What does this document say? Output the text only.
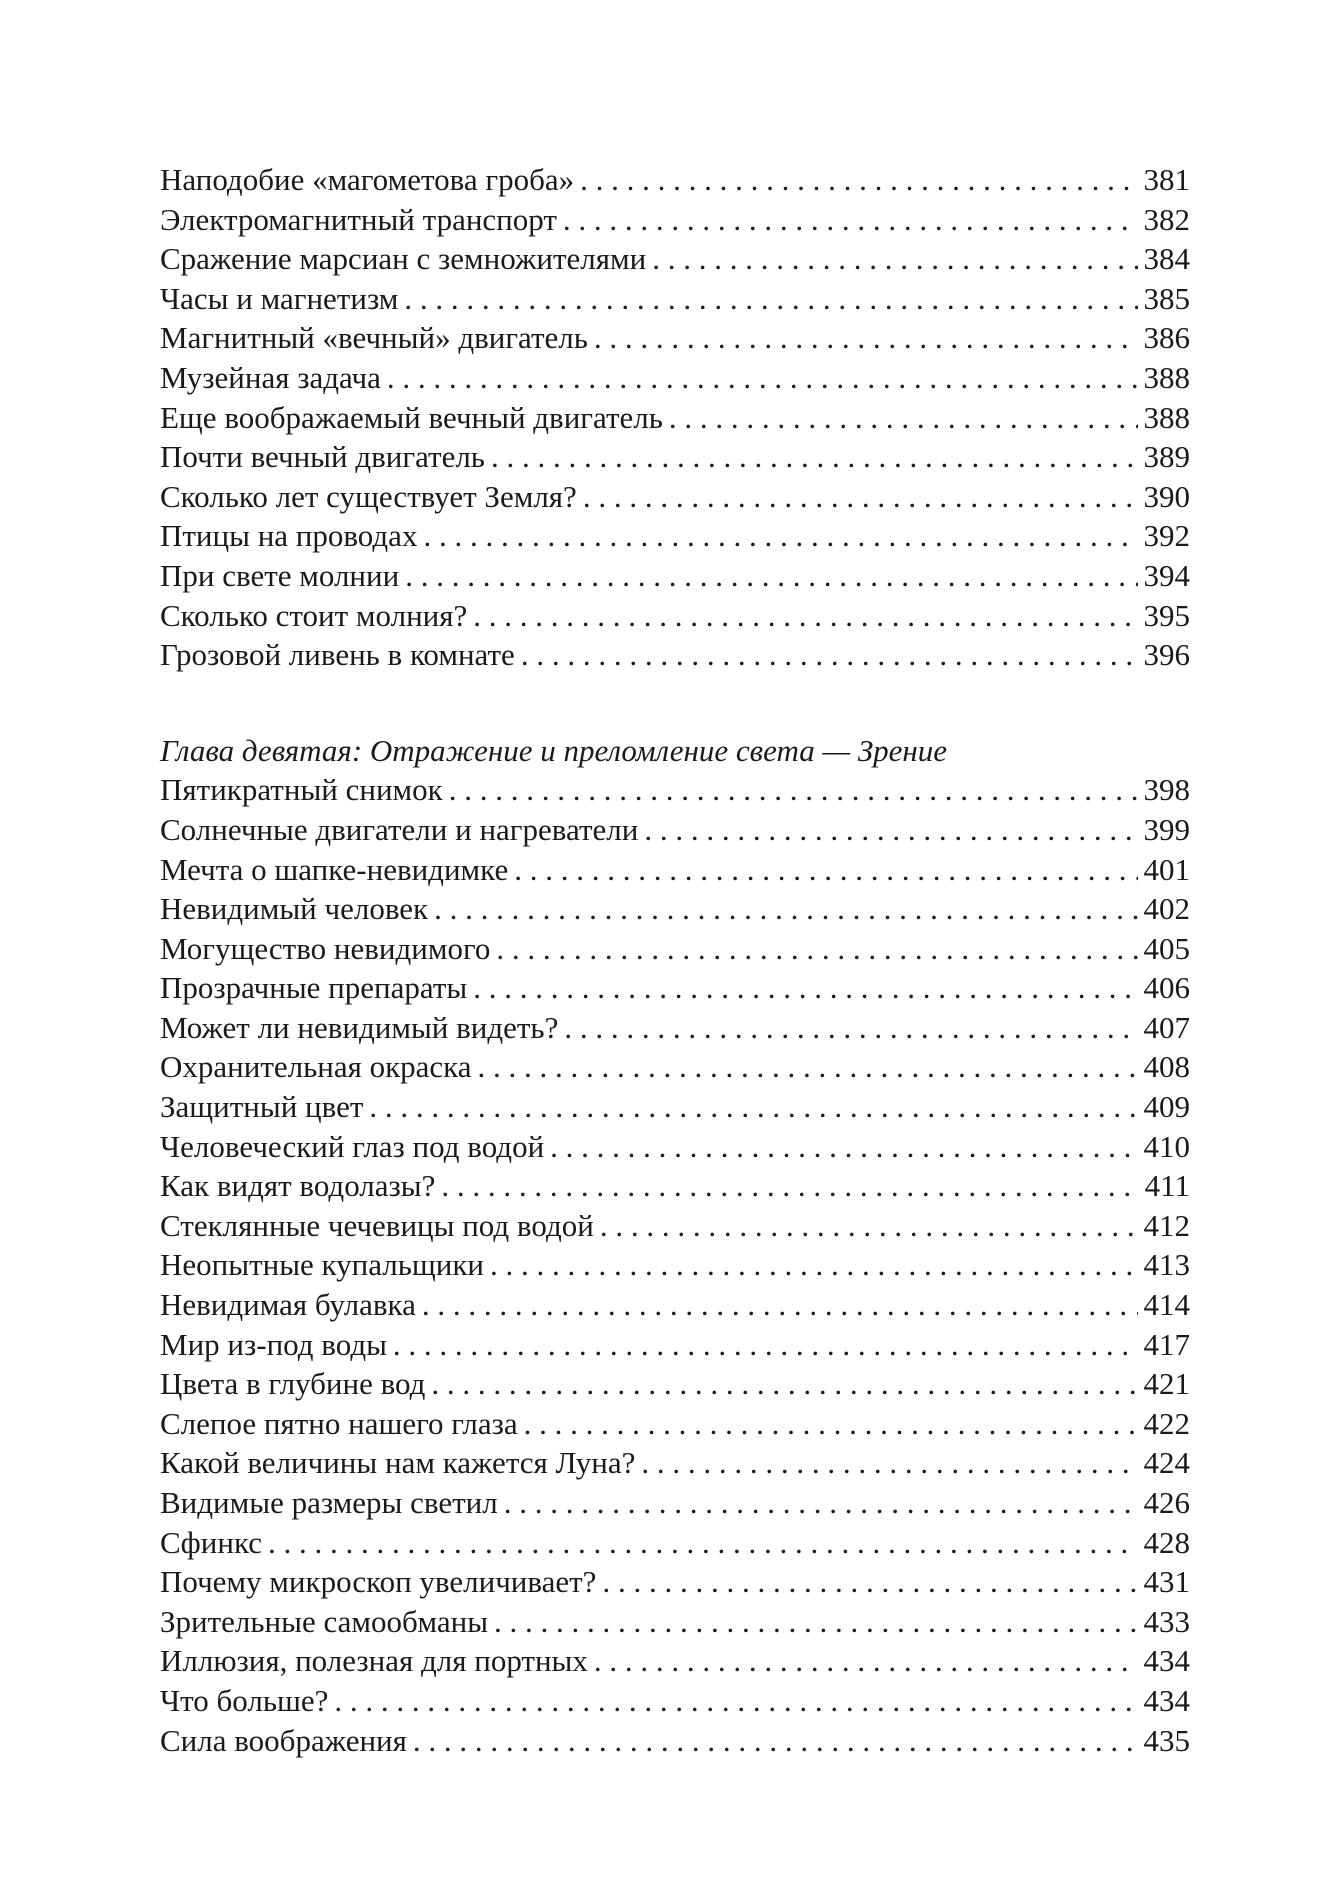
Наподобие «магометова гроба» . . .	381
Электромагнитный транспорт . . .	382
Сражение марсиан с земножителями . . .	384
Часы и магнетизм . . .	385
Магнитный «вечный» двигатель . . .	386
Музейная задача . . .	388
Еще воображаемый вечный двигатель . . .	388
Почти вечный двигатель . . .	389
Сколько лет существует Земля? . . .	390
Птицы на проводах . . .	392
При свете молнии . . .	394
Сколько стоит молния? . . .	395
Грозовой ливень в комнате . . .	396
Глава девятая: Отражение и преломление света — Зрение
Пятикратный снимок . . .	398
Солнечные двигатели и нагреватели . . .	399
Мечта о шапке-невидимке . . .	401
Невидимый человек . . .	402
Могущество невидимого . . .	405
Прозрачные препараты . . .	406
Может ли невидимый видеть? . . .	407
Охранительная окраска . . .	408
Защитный цвет . . .	409
Человеческий глаз под водой . . .	410
Как видят водолазы? . . .	411
Стеклянные чечевицы под водой . . .	412
Неопытные купальщики . . .	413
Невидимая булавка . . .	414
Мир из-под воды . . .	417
Цвета в глубине вод . . .	421
Слепое пятно нашего глаза . . .	422
Какой величины нам кажется Луна? . . .	424
Видимые размеры светил . . .	426
Сфинкс . . .	428
Почему микроскоп увеличивает? . . .	431
Зрительные самообманы . . .	433
Иллюзия, полезная для портных . . .	434
Что больше? . . .	434
Сила воображения . . .	435
